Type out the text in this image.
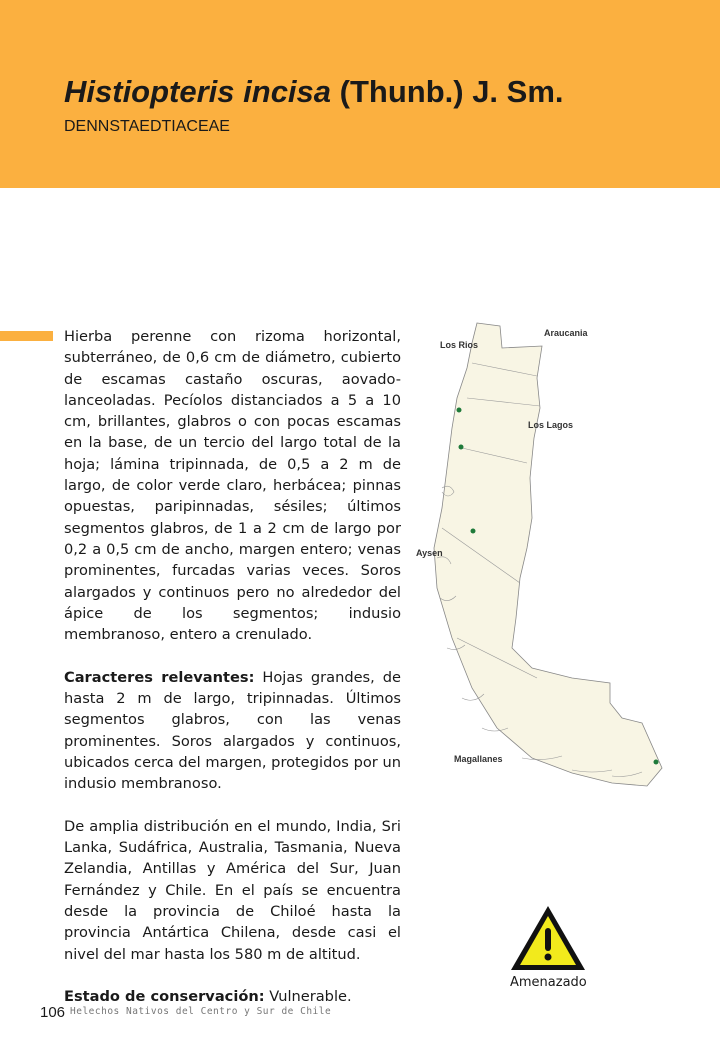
Histiopteris incisa (Thunb.) J. Sm.
DENNSTAEDTIACEAE

Hierba perenne con rizoma horizontal, subterráneo, de 0,6 cm de diámetro, cubierto de escamas castaño oscuras, aovado-lanceoladas. Pecíolos distanciados a 5 a 10 cm, brillantes, glabros o con pocas escamas en la base, de un tercio del largo total de la hoja; lámina tripinnada, de 0,5 a 2 m de largo, de color verde claro, herbácea; pinnas opuestas, paripinnadas, sésiles; últimos segmentos glabros, de 1 a 2 cm de largo por 0,2 a 0,5 cm de ancho, margen entero; venas prominentes, furcadas varias veces. Soros alargados y continuos pero no alrededor del ápice de los segmentos; indusio membranoso, entero a crenulado.

Caracteres relevantes: Hojas grandes, de hasta 2 m de largo, tripinnadas. Últimos segmentos glabros, con las venas prominentes. Soros alargados y continuos, ubicados cerca del margen, protegidos por un indusio membranoso.

De amplia distribución en el mundo, India, Sri Lanka, Sudáfrica, Australia, Tasmania, Nueva Zelandia, Antillas y América del Sur, Juan Fernández y Chile. En el país se encuentra desde la provincia de Chiloé hasta la provincia Antártica Chilena, desde casi el nivel del mar hasta los 580 m de altitud.

Estado de conservación: Vulnerable.

Araucania
Los Rios
Los Lagos
Aysen
Magallanes
Amenazado
106 Helechos Nativos del Centro y Sur de Chile
